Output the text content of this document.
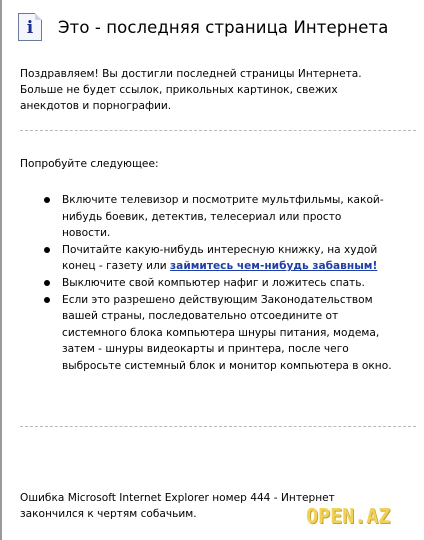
i Это - последняя страница Интернета
Поздравляем! Вы достигли последней страницы Интернета.
Больше не будет ссылок, прикольных картинок, свежих
анекдотов и порнографии.
Попробуйте следующее:
Включите телевизор и посмотрите мультфильмы, какой-
нибудь боевик, детектив, телесериал или просто
новости.
Почитайте какую-нибудь интересную книжку, на худой
конец - газету или займитесь чем-нибудь забавным!
Выключите свой компьютер нафиг и ложитесь спать.
Если это разрешено действующим Законодательством
вашей страны, последовательно отсоедините от
системного блока компьютера шнуры питания, модема,
затем - шнуры видеокарты и принтера, после чего
выбросьте системный блок и монитор компьютера в окно.
Ошибка Microsoft Internet Explorer номер 444 - Интернет
закончился к чертям собачьим.	OPEN.AZ
